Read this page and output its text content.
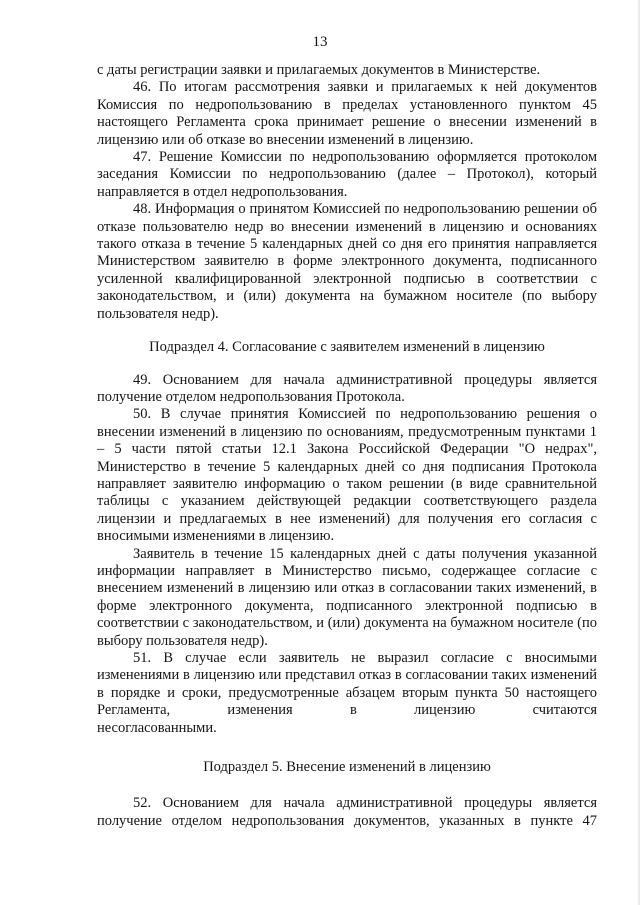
13

с даты регистрации заявки и прилагаемых документов в Министерстве.

46. По итогам рассмотрения заявки и прилагаемых к ней документов Комиссия по недропользованию в пределах установленного пунктом 45 настоящего Регламента срока принимает решение о внесении изменений в лицензию или об отказе во внесении изменений в лицензию.

47. Решение Комиссии по недропользованию оформляется протоколом заседания Комиссии по недропользованию (далее – Протокол), который направляется в отдел недропользования.

48. Информация о принятом Комиссией по недропользованию решении об отказе пользователю недр во внесении изменений в лицензию и основаниях такого отказа в течение 5 календарных дней со дня его принятия направляется Министерством заявителю в форме электронного документа, подписанного усиленной квалифицированной электронной подписью в соответствии с законодательством, и (или) документа на бумажном носителе (по выбору пользователя недр).

Подраздел 4. Согласование с заявителем изменений в лицензию

49. Основанием для начала административной процедуры является получение отделом недропользования Протокола.

50. В случае принятия Комиссией по недропользованию решения о внесении изменений в лицензию по основаниям, предусмотренным пунктами 1 – 5 части пятой статьи 12.1 Закона Российской Федерации "О недрах", Министерство в течение 5 календарных дней со дня подписания Протокола направляет заявителю информацию о таком решении (в виде сравнительной таблицы с указанием действующей редакции соответствующего раздела лицензии и предлагаемых в нее изменений) для получения его согласия с вносимыми изменениями в лицензию.

Заявитель в течение 15 календарных дней с даты получения указанной информации направляет в Министерство письмо, содержащее согласие с внесением изменений в лицензию или отказ в согласовании таких изменений, в форме электронного документа, подписанного электронной подписью в соответствии с законодательством, и (или) документа на бумажном носителе (по выбору пользователя недр).

51. В случае если заявитель не выразил согласие с вносимыми изменениями в лицензию или представил отказ в согласовании таких изменений в порядке и сроки, предусмотренные абзацем вторым пункта 50 настоящего Регламента, изменения в лицензию считаются

несогласованными.

Подраздел 5. Внесение изменений в лицензию

52. Основанием для начала административной процедуры является получение отделом недропользования документов, указанных в пункте 47
